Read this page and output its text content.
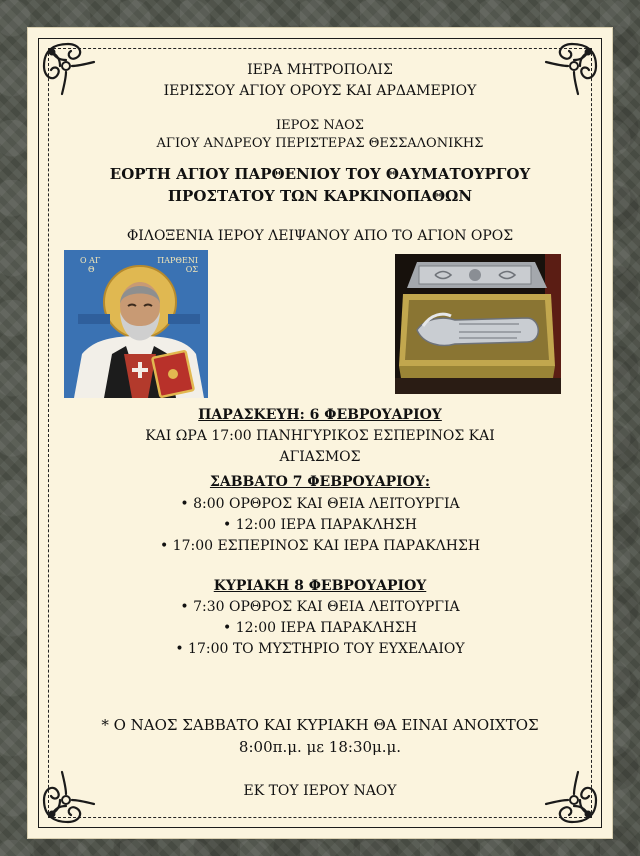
ΙΕΡΑ ΜΗΤΡΟΠΟΛΙΣ
ΙΕΡΙΣΣΟΥ ΑΓΙΟΥ ΟΡΟΥΣ ΚΑΙ ΑΡΔΑΜΕΡΙΟΥ
ΙΕΡΟΣ ΝΑΟΣ
ΑΓΙΟΥ ΑΝΔΡΕΟΥ ΠΕΡΙΣΤΕΡΑΣ ΘΕΣΣΑΛΟΝΙΚΗΣ
ΕΟΡΤΗ ΑΓΙΟΥ ΠΑΡΘΕΝΙΟΥ ΤΟΥ ΘΑΥΜΑΤΟΥΡΓΟΥ
ΠΡΟΣΤΑΤΟΥ ΤΩΝ ΚΑΡΚΙΝΟΠΑΘΩΝ
ΦΙΛΟΞΕΝΙΑ ΙΕΡΟΥ ΛΕΙΨΑΝΟΥ ΑΠΟ ΤΟ ΑΓΙΟΝ ΟΡΟΣ
Ο ΑΓ
Θ
ΠΑΡΘΕΝΙ
ΟΣ
ΠΑΡΑΣΚΕΥΗ: 6 ΦΕΒΡΟΥΑΡΙΟΥ
ΚΑΙ ΩΡΑ 17:00 ΠΑΝΗΓΥΡΙΚΟΣ ΕΣΠΕΡΙΝΟΣ ΚΑΙ
ΑΓΙΑΣΜΟΣ
ΣΑΒΒΑΤΟ 7 ΦΕΒΡΟΥΑΡΙΟΥ:
• 8:00 ΟΡΘΡΟΣ ΚΑΙ ΘΕΙΑ ΛΕΙΤΟΥΡΓΙΑ
• 12:00 ΙΕΡΑ ΠΑΡΑΚΛΗΣΗ
• 17:00 ΕΣΠΕΡΙΝΟΣ ΚΑΙ ΙΕΡΑ ΠΑΡΑΚΛΗΣΗ
ΚΥΡΙΑΚΗ 8 ΦΕΒΡΟΥΑΡΙΟΥ
• 7:30 ΟΡΘΡΟΣ ΚΑΙ ΘΕΙΑ ΛΕΙΤΟΥΡΓΙΑ
• 12:00 ΙΕΡΑ ΠΑΡΑΚΛΗΣΗ
• 17:00 ΤΟ ΜΥΣΤΗΡΙΟ ΤΟΥ ΕΥΧΕΛΑΙΟΥ
* Ο ΝΑΟΣ ΣΑΒΒΑΤΟ ΚΑΙ ΚΥΡΙΑΚΗ ΘΑ ΕΙΝΑΙ ΑΝΟΙΧΤΟΣ
8:00π.μ. με 18:30μ.μ.
ΕΚ ΤΟΥ ΙΕΡΟΥ ΝΑΟΥ
